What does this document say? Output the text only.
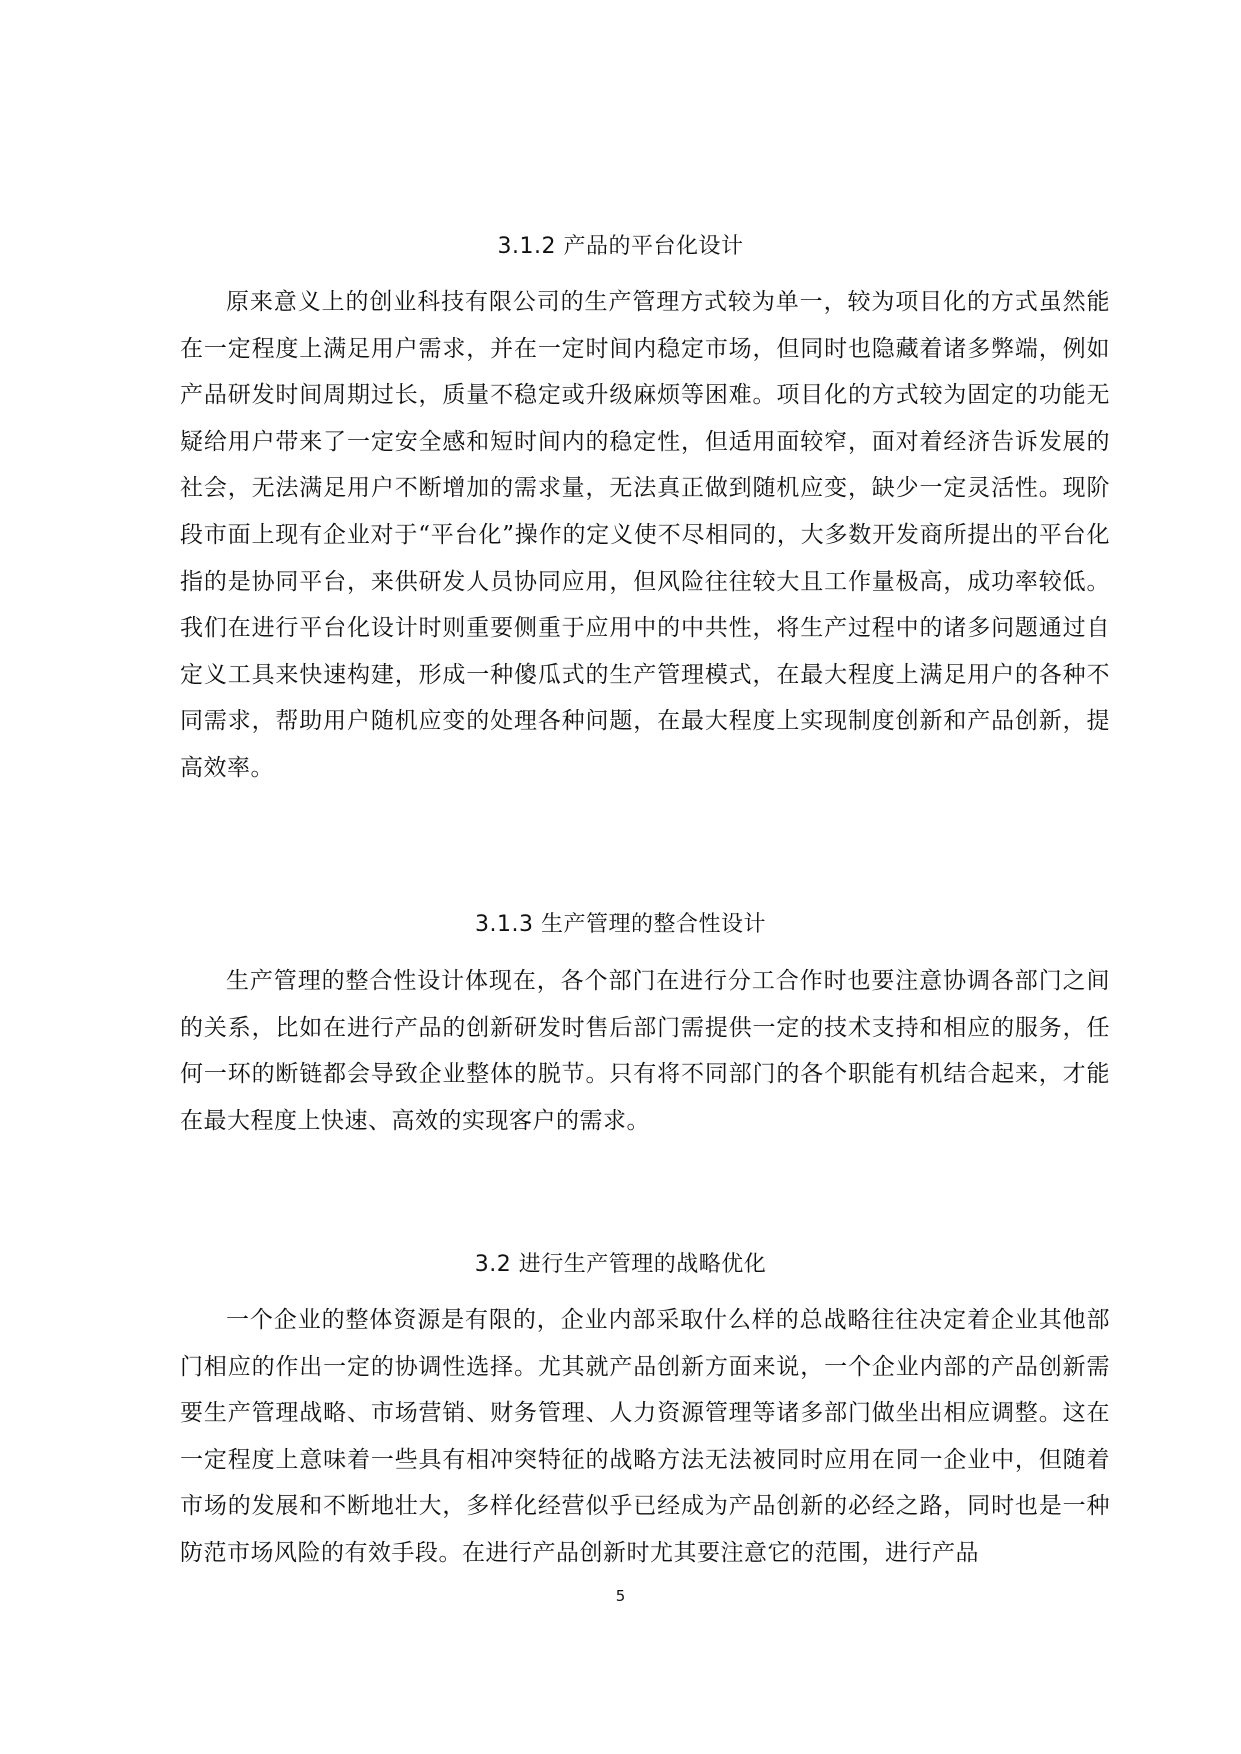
3.1.2 产品的平台化设计
原来意义上的创业科技有限公司的生产管理方式较为单一，较为项目化的方式虽然能在一定程度上满足用户需求，并在一定时间内稳定市场，但同时也隐藏着诸多弊端，例如产品研发时间周期过长，质量不稳定或升级麻烦等困难。项目化的方式较为固定的功能无疑给用户带来了一定安全感和短时间内的稳定性，但适用面较窄，面对着经济告诉发展的社会，无法满足用户不断增加的需求量，无法真正做到随机应变，缺少一定灵活性。现阶段市面上现有企业对于“平台化”操作的定义使不尽相同的，大多数开发商所提出的平台化指的是协同平台，来供研发人员协同应用，但风险往往较大且工作量极高，成功率较低。我们在进行平台化设计时则重要侧重于应用中的中共性，将生产过程中的诸多问题通过自定义工具来快速构建，形成一种傻瓜式的生产管理模式，在最大程度上满足用户的各种不同需求，帮助用户随机应变的处理各种问题，在最大程度上实现制度创新和产品创新，提高效率。
3.1.3 生产管理的整合性设计
生产管理的整合性设计体现在，各个部门在进行分工合作时也要注意协调各部门之间的关系，比如在进行产品的创新研发时售后部门需提供一定的技术支持和相应的服务，任何一环的断链都会导致企业整体的脱节。只有将不同部门的各个职能有机结合起来，才能在最大程度上快速、高效的实现客户的需求。
3.2 进行生产管理的战略优化
一个企业的整体资源是有限的，企业内部采取什么样的总战略往往决定着企业其他部门相应的作出一定的协调性选择。尤其就产品创新方面来说，一个企业内部的产品创新需要生产管理战略、市场营销、财务管理、人力资源管理等诸多部门做坐出相应调整。这在一定程度上意味着一些具有相冲突特征的战略方法无法被同时应用在同一企业中，但随着市场的发展和不断地壮大，多样化经营似乎已经成为产品创新的必经之路，同时也是一种防范市场风险的有效手段。在进行产品创新时尤其要注意它的范围，进行产品
5
